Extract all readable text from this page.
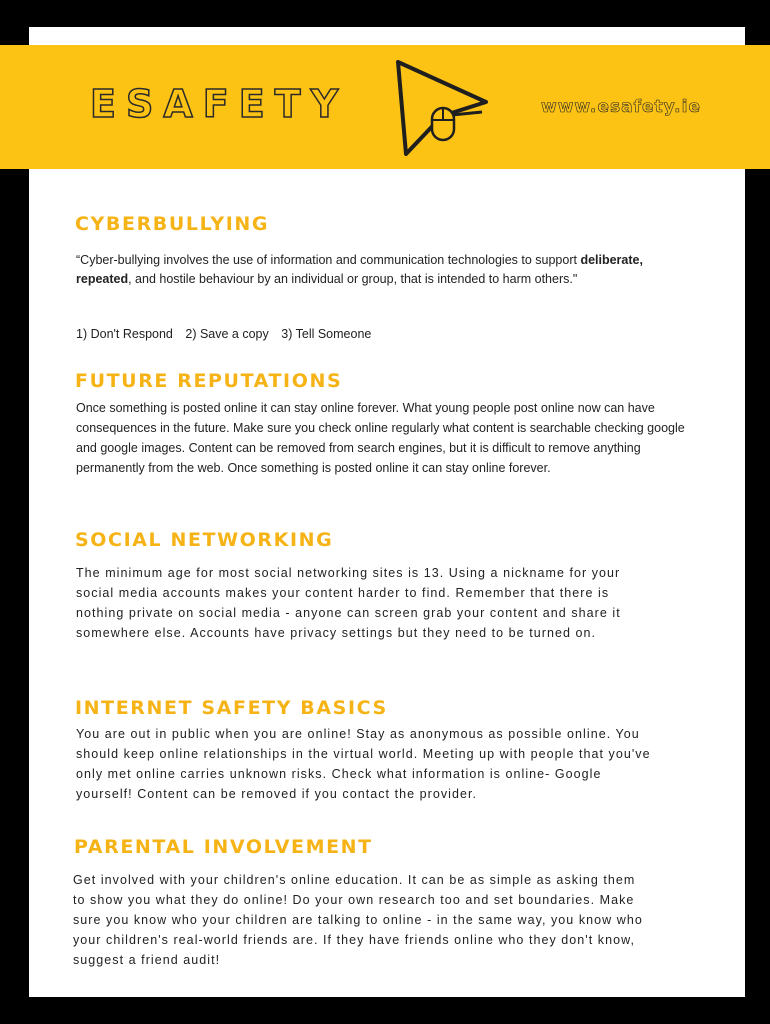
ESAFETY	www.esafety.ie
CYBERBULLYING

“Cyber-bullying involves the use of information and communication technologies to support deliberate, repeated, and hostile behaviour by an individual or group, that is intended to harm others."

1) Don't Respond 2) Save a copy 3) Tell Someone
FUTURE REPUTATIONS

Once something is posted online it can stay online forever. What young people post online now can have consequences in the future. Make sure you check online regularly what content is searchable checking google and google images. Content can be removed from search engines, but it is difficult to remove anything permanently from the web. Once something is posted online it can stay online forever.

SOCIAL NETWORKING

The minimum age for most social networking sites is 13. Using a nickname for your social media accounts makes your content harder to find. Remember that there is nothing private on social media - anyone can screen grab your content and share it somewhere else. Accounts have privacy settings but they need to be turned on.

INTERNET SAFETY BASICS

You are out in public when you are online! Stay as anonymous as possible online. You should keep online relationships in the virtual world. Meeting up with people that you've only met online carries unknown risks. Check what information is online- Google yourself! Content can be removed if you contact the provider.

PARENTAL INVOLVEMENT

Get involved with your children's online education. It can be as simple as asking them to show you what they do online! Do your own research too and set boundaries. Make sure you know who your children are talking to online - in the same way, you know who your children's real-world friends are. If they have friends online who they don't know, suggest a friend audit!
